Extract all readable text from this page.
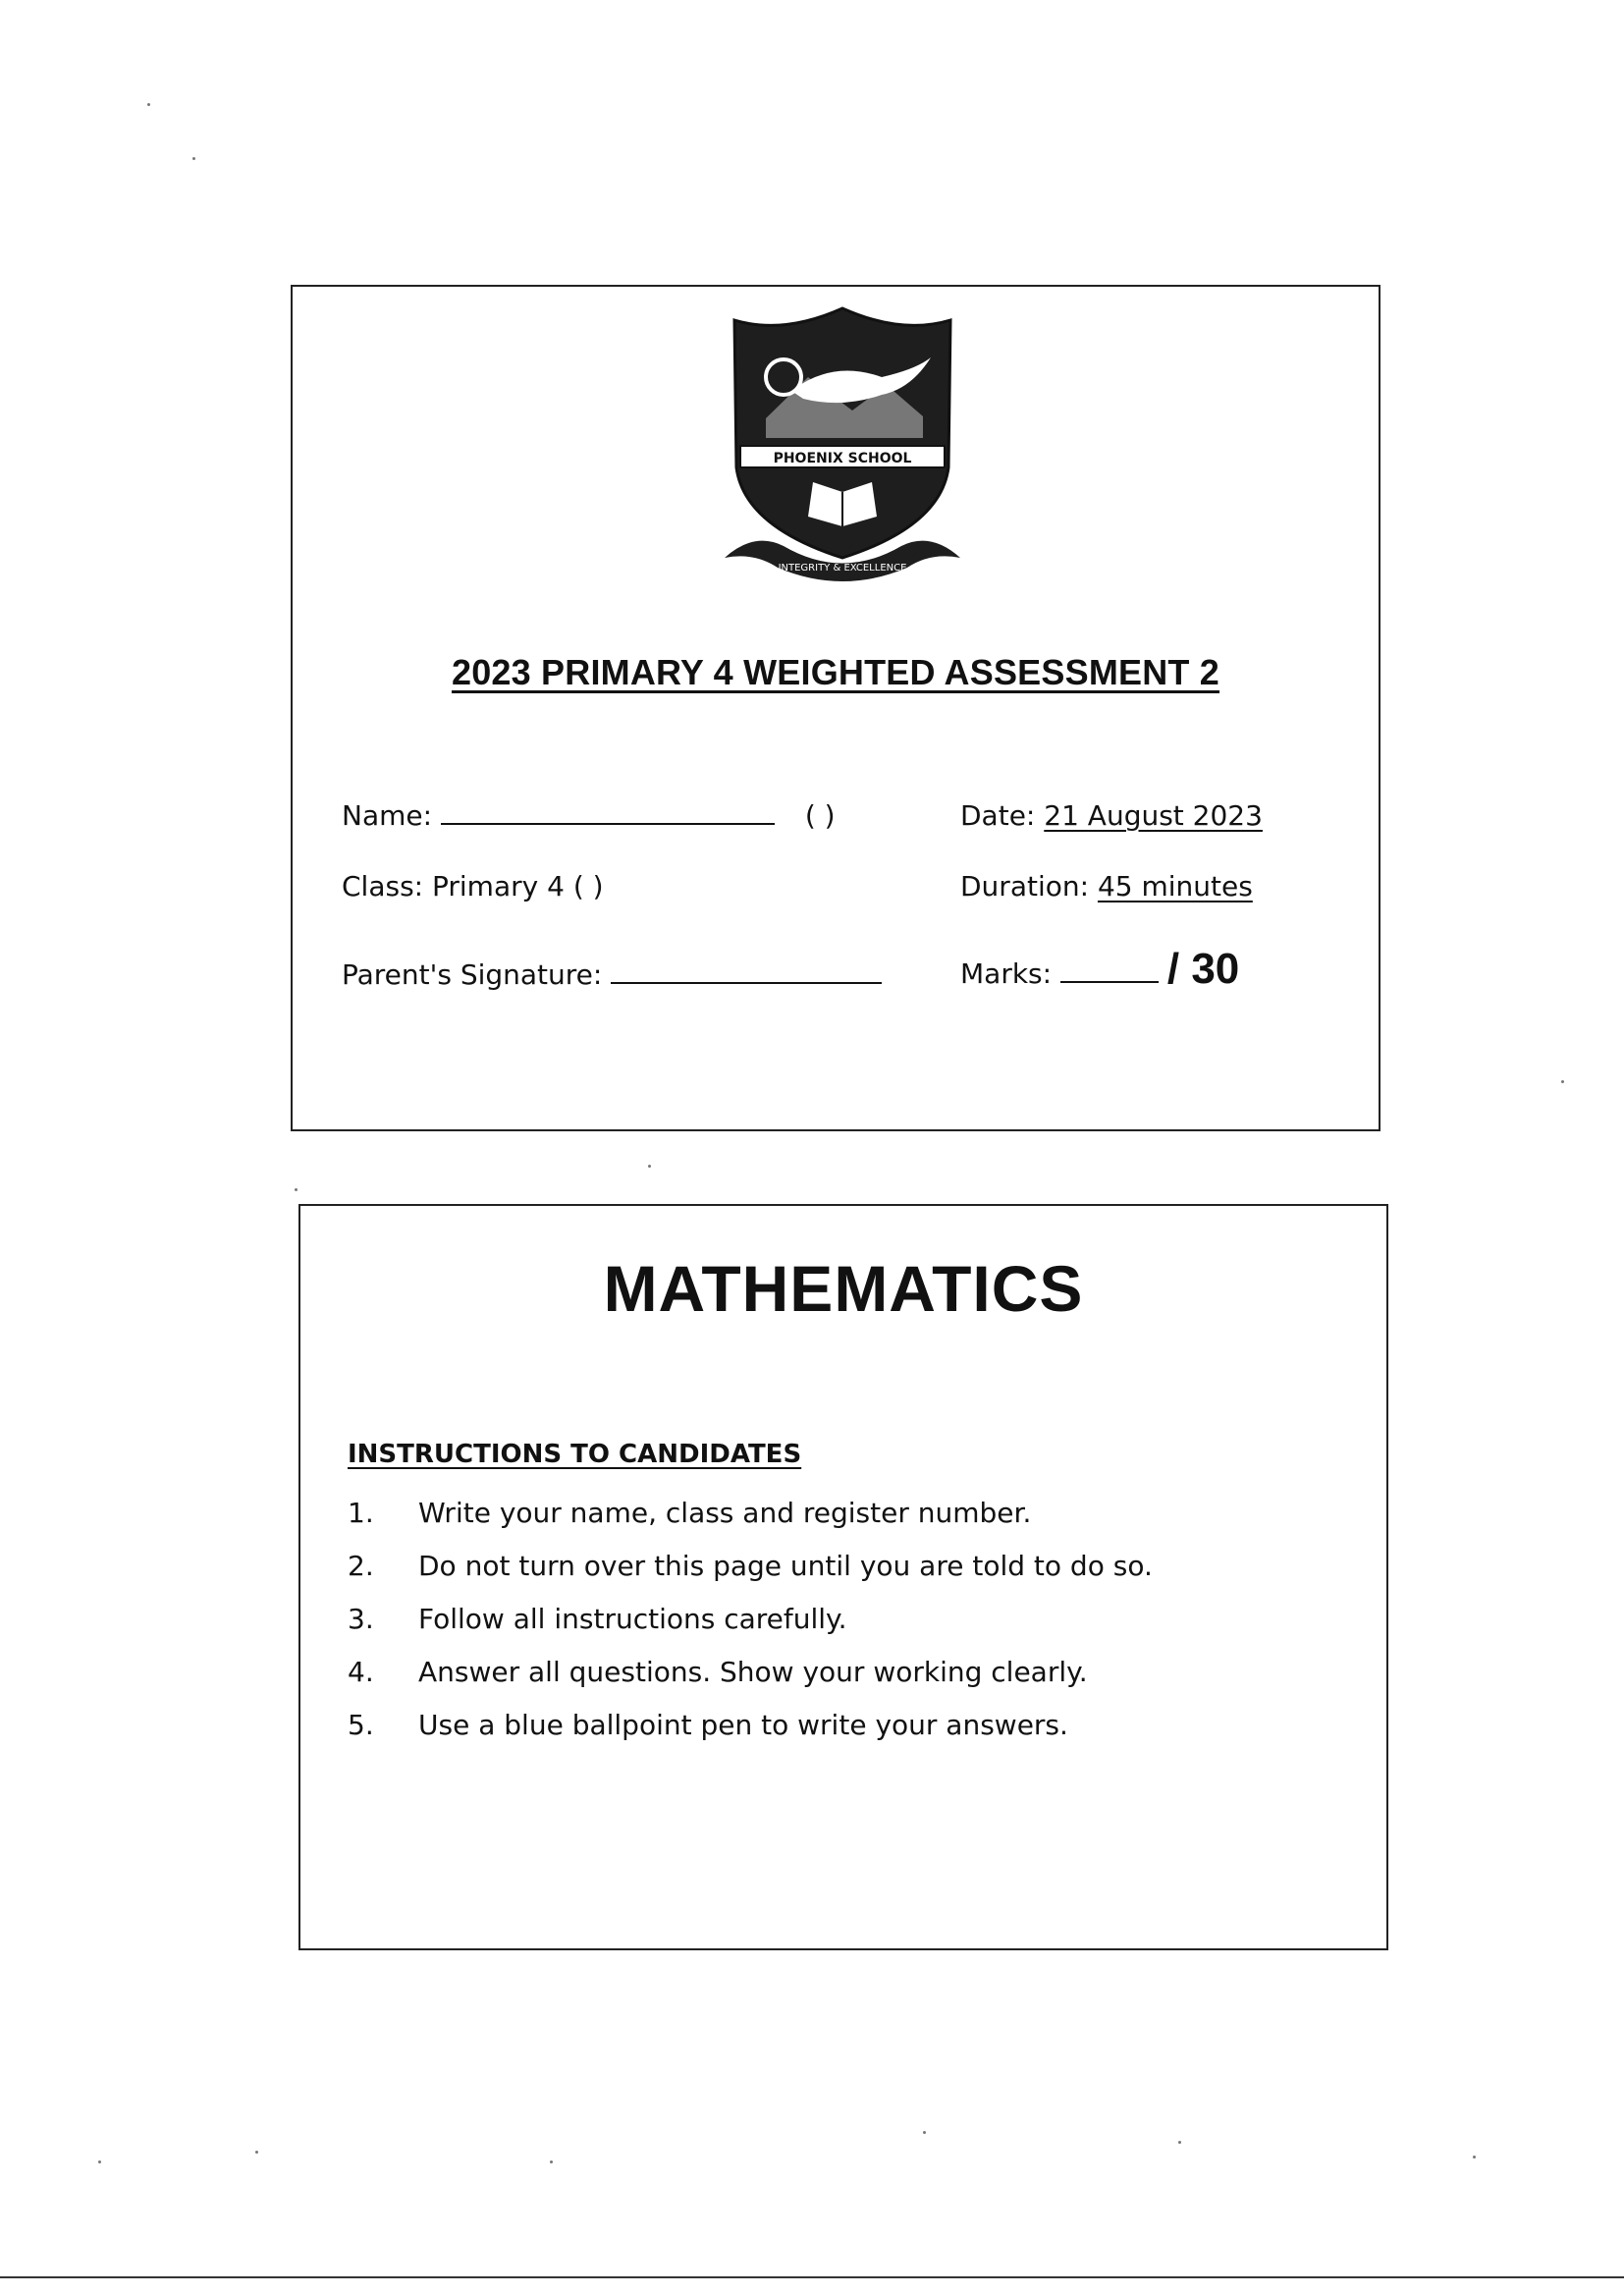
PHOENIX SCHOOL
INTEGRITY & EXCELLENCE
2023 PRIMARY 4 WEIGHTED ASSESSMENT 2
Name:	( )	Date: 21 August 2023
Class: Primary 4 ( )	Duration: 45 minutes
Parent's Signature:	Marks:	/ 30
MATHEMATICS
INSTRUCTIONS TO CANDIDATES
1. Write your name, class and register number.
2. Do not turn over this page until you are told to do so.
3. Follow all instructions carefully.
4. Answer all questions. Show your working clearly.
5. Use a blue ballpoint pen to write your answers.
